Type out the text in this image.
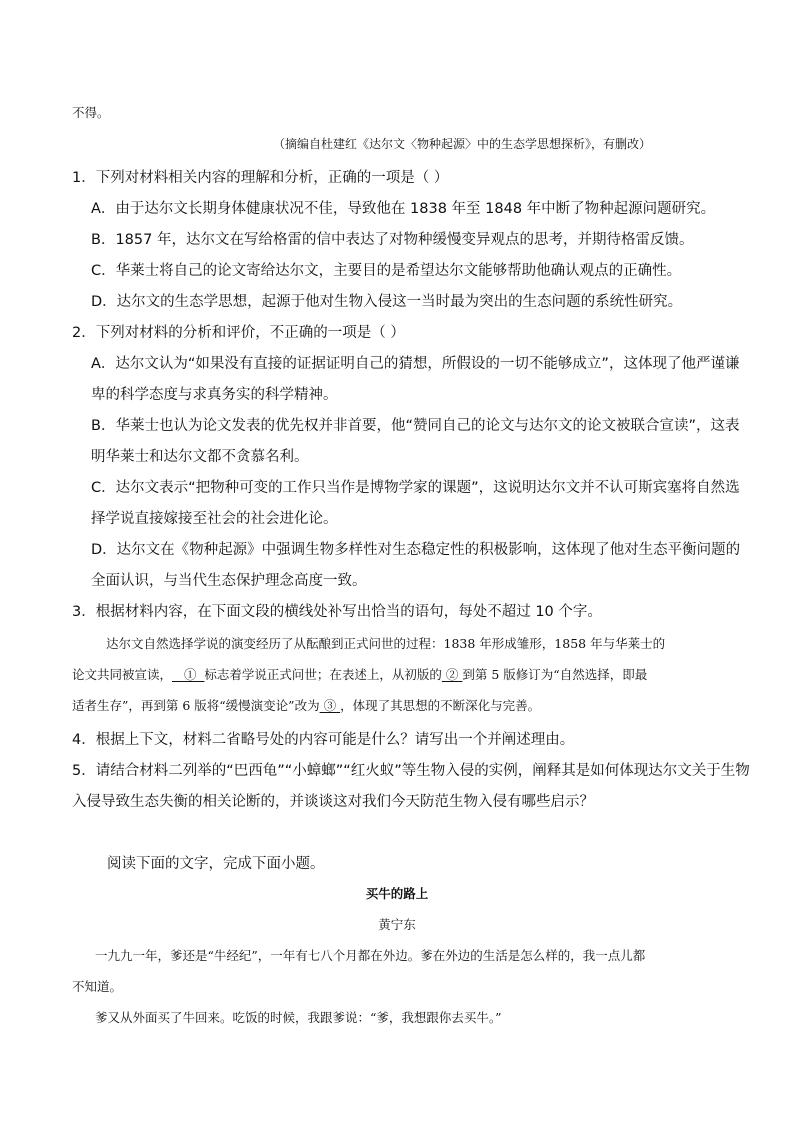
不得。
（摘编自杜建红《达尔文〈物种起源〉中的生态学思想探析》，有删改）
1．下列对材料相关内容的理解和分析，正确的一项是（ ）
A．由于达尔文长期身体健康状况不佳，导致他在 1838 年至 1848 年中断了物种起源问题研究。
B．1857 年，达尔文在写给格雷的信中表达了对物种缓慢变异观点的思考，并期待格雷反馈。
C．华莱士将自己的论文寄给达尔文，主要目的是希望达尔文能够帮助他确认观点的正确性。
D．达尔文的生态学思想，起源于他对生物入侵这一当时最为突出的生态问题的系统性研究。
2．下列对材料的分析和评价，不正确的一项是（ ）
A．达尔文认为“如果没有直接的证据证明自己的猜想，所假设的一切不能够成立”，这体现了他严谨谦
卑的科学态度与求真务实的科学精神。
B．华莱士也认为论文发表的优先权并非首要，他“赞同自己的论文与达尔文的论文被联合宣读”，这表
明华莱士和达尔文都不贪慕名利。
C．达尔文表示“把物种可变的工作只当作是博物学家的课题”，这说明达尔文并不认可斯宾塞将自然选
择学说直接嫁接至社会的社会进化论。
D．达尔文在《物种起源》中强调生物多样性对生态稳定性的积极影响，这体现了他对生态平衡问题的
全面认识，与当代生态保护理念高度一致。
3．根据材料内容，在下面文段的横线处补写出恰当的语句，每处不超过 10 个字。
达尔文自然选择学说的演变经历了从酝酿到正式问世的过程：1838 年形成雏形，1858 年与华莱士的
论文共同被宣读， ① 标志着学说正式问世；在表述上，从初版的 ② 到第 5 版修订为“自然选择，即最
适者生存”，再到第 6 版将“缓慢演变论”改为 ③ ，体现了其思想的不断深化与完善。
4．根据上下文，材料二省略号处的内容可能是什么？请写出一个并阐述理由。
5．请结合材料二列举的“巴西龟”“小蟑螂”“红火蚁”等生物入侵的实例，阐释其是如何体现达尔文关于生物
入侵导致生态失衡的相关论断的，并谈谈这对我们今天防范生物入侵有哪些启示？
阅读下面的文字，完成下面小题。
买牛的路上
黄宁东
一九九一年，爹还是“牛经纪”，一年有七八个月都在外边。爹在外边的生活是怎么样的，我一点儿都
不知道。
爹又从外面买了牛回来。吃饭的时候，我跟爹说：“爹，我想跟你去买牛。”
